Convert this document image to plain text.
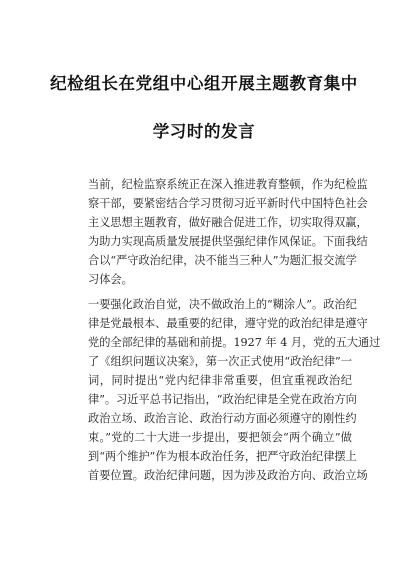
纪检组长在党组中心组开展主题教育集中
学习时的发言
当前，纪检监察系统正在深入推进教育整顿，作为纪检监
察干部，要紧密结合学习贯彻习近平新时代中国特色社会
主义思想主题教育，做好融合促进工作，切实取得双赢，
为助力实现高质量发展提供坚强纪律作风保证。下面我结
合以“严守政治纪律，决不能当三种人”为题汇报交流学
习体会。
一要强化政治自觉，决不做政治上的“糊涂人”。政治纪
律是党最根本、最重要的纪律，遵守党的政治纪律是遵守
党的全部纪律的基础和前提。1927 年 4 月，党的五大通过
了《组织问题议决案》，第一次正式使用“政治纪律”一
词，同时提出“党内纪律非常重要，但宜重视政治纪
律”。习近平总书记指出，“政治纪律是全党在政治方向
政治立场、政治言论、政治行动方面必须遵守的刚性约
束。”党的二十大进一步提出，要把领会“两个确立”做
到“两个维护”作为根本政治任务，把严守政治纪律摆上
首要位置。政治纪律问题，因为涉及政治方向、政治立场
